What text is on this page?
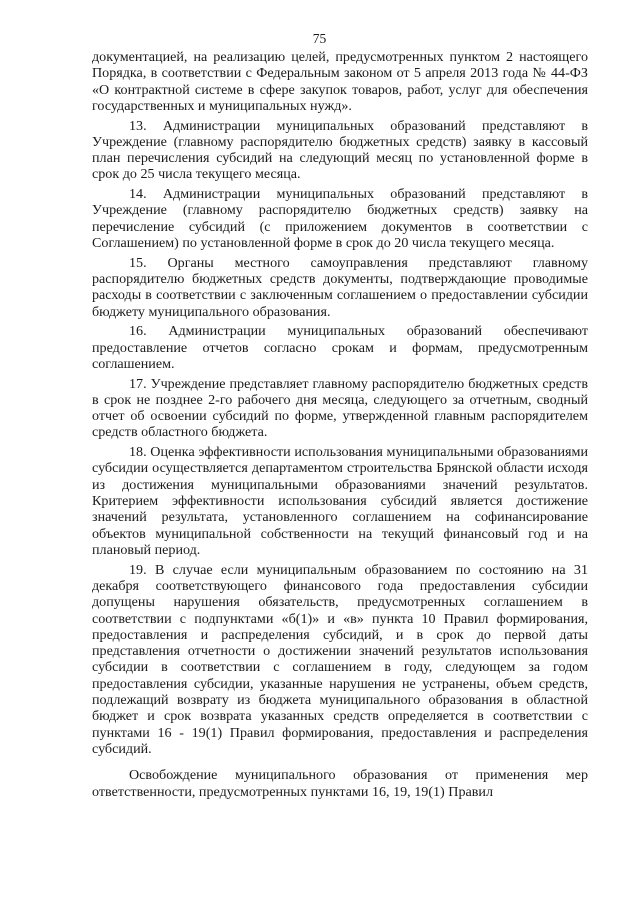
75

документацией, на реализацию целей, предусмотренных пунктом 2 настоящего Порядка, в соответствии с Федеральным законом от 5 апреля 2013 года № 44-ФЗ «О контрактной системе в сфере закупок товаров, работ, услуг для обеспечения государственных и муниципальных нужд».

13. Администрации муниципальных образований представляют в Учреждение (главному распорядителю бюджетных средств) заявку в кассовый план перечисления субсидий на следующий месяц по установленной форме в срок до 25 числа текущего месяца.

14. Администрации муниципальных образований представляют в Учреждение (главному распорядителю бюджетных средств) заявку на перечисление субсидий (с приложением документов в соответствии с Соглашением) по установленной форме в срок до 20 числа текущего месяца.

15. Органы местного самоуправления представляют главному распорядителю бюджетных средств документы, подтверждающие проводимые расходы в соответствии с заключенным соглашением о предоставлении субсидии бюджету муниципального образования.

16. Администрации муниципальных образований обеспечивают предоставление отчетов согласно срокам и формам, предусмотренным соглашением.

17. Учреждение представляет главному распорядителю бюджетных средств в срок не позднее 2-го рабочего дня месяца, следующего за отчетным, сводный отчет об освоении субсидий по форме, утвержденной главным распорядителем средств областного бюджета.

18. Оценка эффективности использования муниципальными образованиями субсидии осуществляется департаментом строительства Брянской области исходя из достижения муниципальными образованиями значений результатов. Критерием эффективности использования субсидий является достижение значений результата, установленного соглашением на софинансирование объектов муниципальной собственности на текущий финансовый год и на плановый период.

19. В случае если муниципальным образованием по состоянию на 31 декабря соответствующего финансового года предоставления субсидии допущены нарушения обязательств, предусмотренных соглашением в соответствии с подпунктами «б(1)» и «в» пункта 10 Правил формирования, предоставления и распределения субсидий, и в срок до первой даты представления отчетности о достижении значений результатов использования субсидии в соответствии с соглашением в году, следующем за годом предоставления субсидии, указанные нарушения не устранены, объем средств, подлежащий возврату из бюджета муниципального образования в областной бюджет и срок возврата указанных средств определяется в соответствии с пунктами 16 - 19(1) Правил формирования, предоставления и распределения субсидий.

Освобождение муниципального образования от применения мер ответственности, предусмотренных пунктами 16, 19, 19(1) Правил
